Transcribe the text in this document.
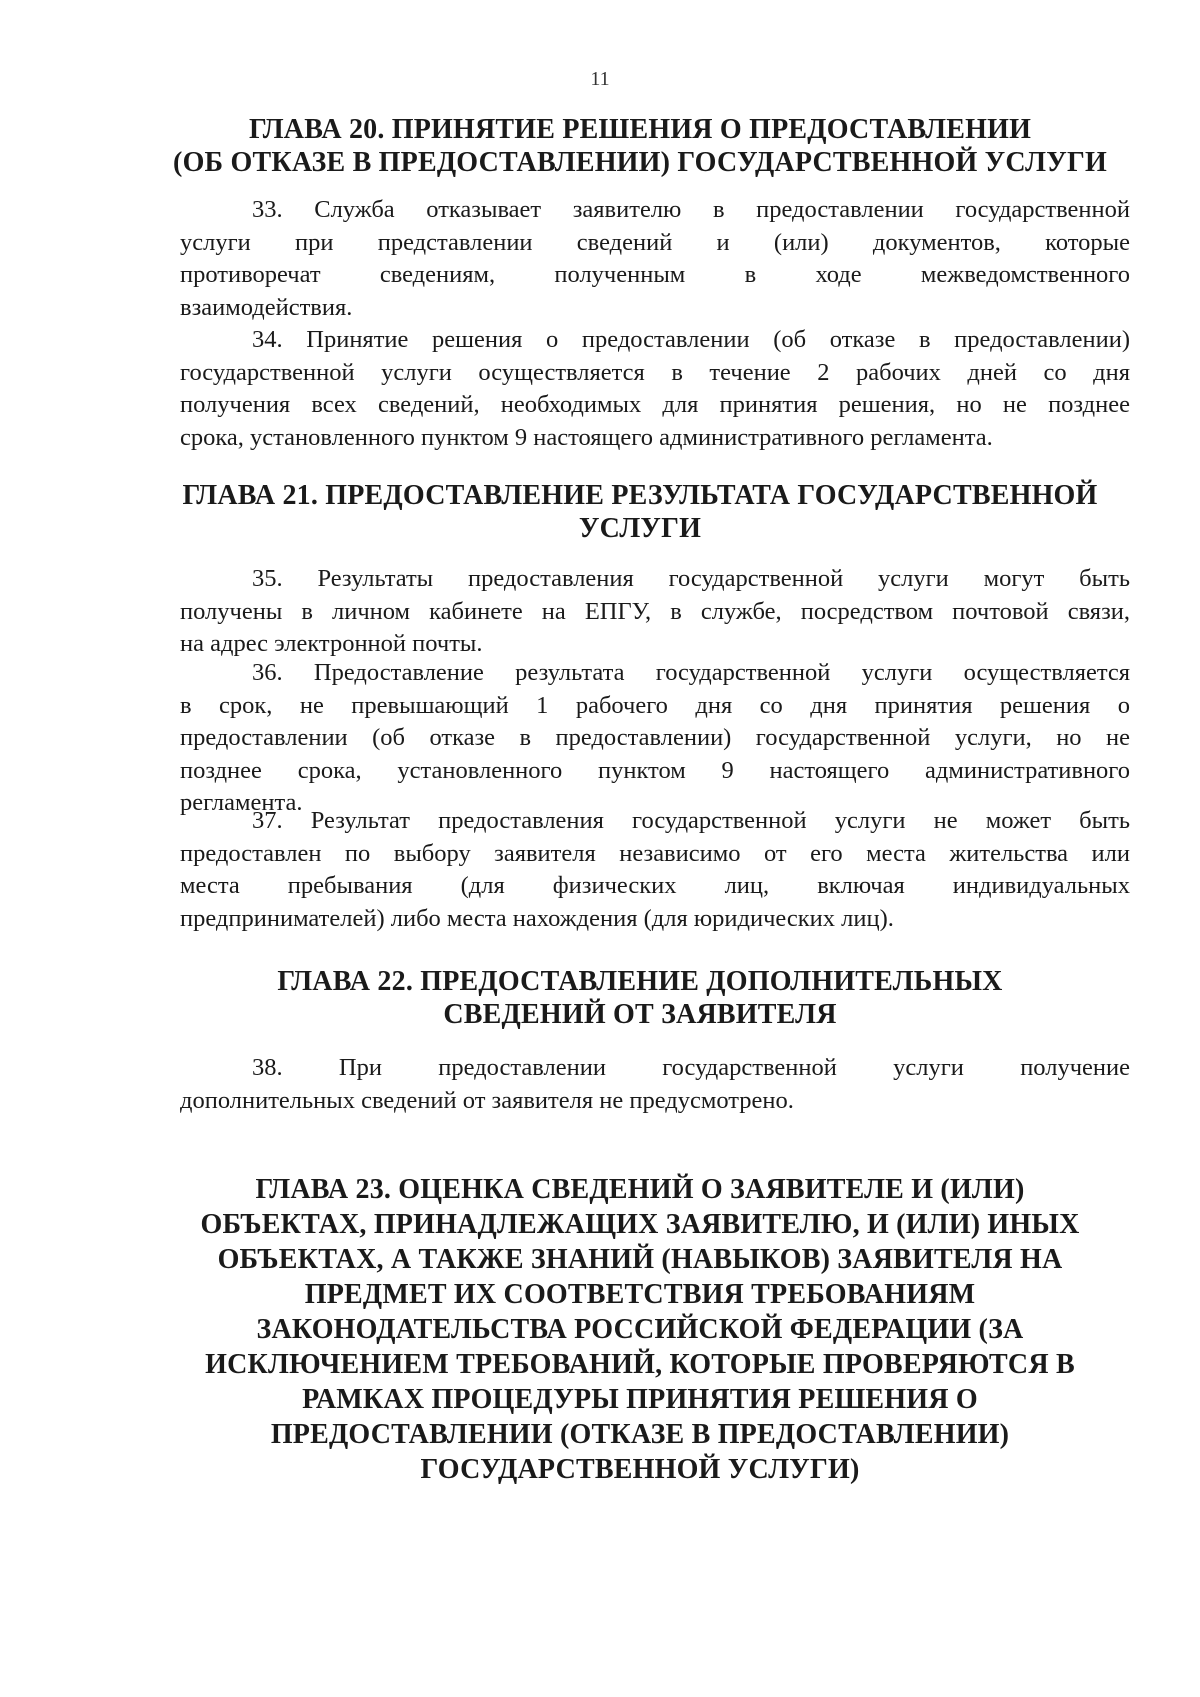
11
ГЛАВА 20. ПРИНЯТИЕ РЕШЕНИЯ О ПРЕДОСТАВЛЕНИИ
(ОБ ОТКАЗЕ В ПРЕДОСТАВЛЕНИИ) ГОСУДАРСТВЕННОЙ УСЛУГИ
33. Служба отказывает заявителю в предоставлении государственной
услуги при представлении сведений и (или) документов, которые
противоречат сведениям, полученным в ходе межведомственного
взаимодействия.
34. Принятие решения о предоставлении (об отказе в предоставлении)
государственной услуги осуществляется в течение 2 рабочих дней со дня
получения всех сведений, необходимых для принятия решения, но не позднее
срока, установленного пунктом 9 настоящего административного регламента.
ГЛАВА 21. ПРЕДОСТАВЛЕНИЕ РЕЗУЛЬТАТА ГОСУДАРСТВЕННОЙ
УСЛУГИ
35. Результаты предоставления государственной услуги могут быть
получены в личном кабинете на ЕПГУ, в службе, посредством почтовой связи,
на адрес электронной почты.
36. Предоставление результата государственной услуги осуществляется
в срок, не превышающий 1 рабочего дня со дня принятия решения о
предоставлении (об отказе в предоставлении) государственной услуги, но не
позднее срока, установленного пунктом 9 настоящего административного
регламента.
37. Результат предоставления государственной услуги не может быть
предоставлен по выбору заявителя независимо от его места жительства или
места пребывания (для физических лиц, включая индивидуальных
предпринимателей) либо места нахождения (для юридических лиц).
ГЛАВА 22. ПРЕДОСТАВЛЕНИЕ ДОПОЛНИТЕЛЬНЫХ
СВЕДЕНИЙ ОТ ЗАЯВИТЕЛЯ
38. При предоставлении государственной услуги получение
дополнительных сведений от заявителя не предусмотрено.
ГЛАВА 23. ОЦЕНКА СВЕДЕНИЙ О ЗАЯВИТЕЛЕ И (ИЛИ)
ОБЪЕКТАХ, ПРИНАДЛЕЖАЩИХ ЗАЯВИТЕЛЮ, И (ИЛИ) ИНЫХ
ОБЪЕКТАХ, А ТАКЖЕ ЗНАНИЙ (НАВЫКОВ) ЗАЯВИТЕЛЯ НА
ПРЕДМЕТ ИХ СООТВЕТСТВИЯ ТРЕБОВАНИЯМ
ЗАКОНОДАТЕЛЬСТВА РОССИЙСКОЙ ФЕДЕРАЦИИ (ЗА
ИСКЛЮЧЕНИЕМ ТРЕБОВАНИЙ, КОТОРЫЕ ПРОВЕРЯЮТСЯ В
РАМКАХ ПРОЦЕДУРЫ ПРИНЯТИЯ РЕШЕНИЯ О
ПРЕДОСТАВЛЕНИИ (ОТКАЗЕ В ПРЕДОСТАВЛЕНИИ)
ГОСУДАРСТВЕННОЙ УСЛУГИ)
